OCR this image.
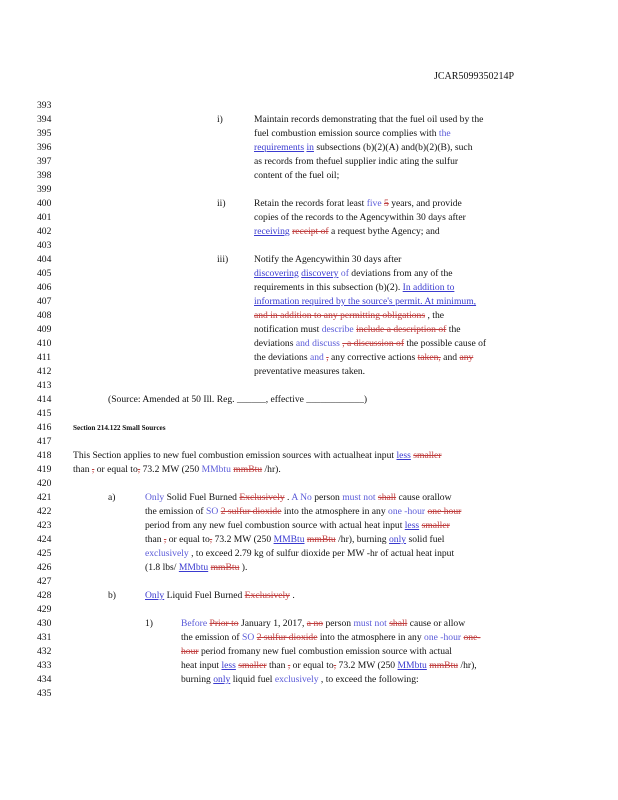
JCAR5099350214P
393
394	i)	Maintain records demonstrating that the fuel oil used by the
395	fuel combustion emission source complies with the
396	requirements in subsections (b)(2)(A) and(b)(2)(B), such
397	as records from thefuel supplier indic ating the sulfur
398	content of the fuel oil;
399
400	ii)	Retain the records forat least five 5 years, and provide
401	copies of the records to the Agencywithin 30 days after
402	receiving receipt of a request bythe Agency; and
403
404	iii)	Notify the Agencywithin 30 days after
405	discovering discovery of deviations from any of the
406	requirements in this subsection (b)(2). In addition to
407	information required by the source's permit. At minimum,
408	and in addition to any permitting obligations , the
409	notification must describe include a description of the
410	deviations and discuss , a discussion of the possible cause of
411	the deviations and , any corrective actions taken, and any
412	preventative measures taken.
413
414	(Source: Amended at 50 Ill. Reg. ______, effective ____________)
415
416	Section 214.122 Small Sources
417
418	This Section applies to new fuel combustion emission sources with actualheat input less smaller
419	than , or equal to, 73.2 MW (250 MMbtu mmBtu /hr).
420
421	a)	Only Solid Fuel Burned Exclusively . A No person must not shall cause orallow
422	the emission of SO 2 sulfur dioxide into the atmosphere in any one -hour one hour
423	period from any new fuel combustion source with actual heat input less smaller
424	than , or equal to, 73.2 MW (250 MMBtu mmBtu /hr), burning only solid fuel
425	exclusively , to exceed 2.79 kg of sulfur dioxide per MW -hr of actual heat input
426	(1.8 lbs/ MMbtu mmBtu ).
427
428	b)	Only Liquid Fuel Burned Exclusively .
429
430	1)	Before Prior to January 1, 2017, a no person must not shall cause or allow
431	the emission of SO 2 sulfur dioxide into the atmosphere in any one -hour one-
432	hour period fromany new fuel combustion emission source with actual
433	heat input less smaller than , or equal to, 73.2 MW (250 MMbtu mmBtu /hr),
434	burning only liquid fuel exclusively , to exceed the following:
435
